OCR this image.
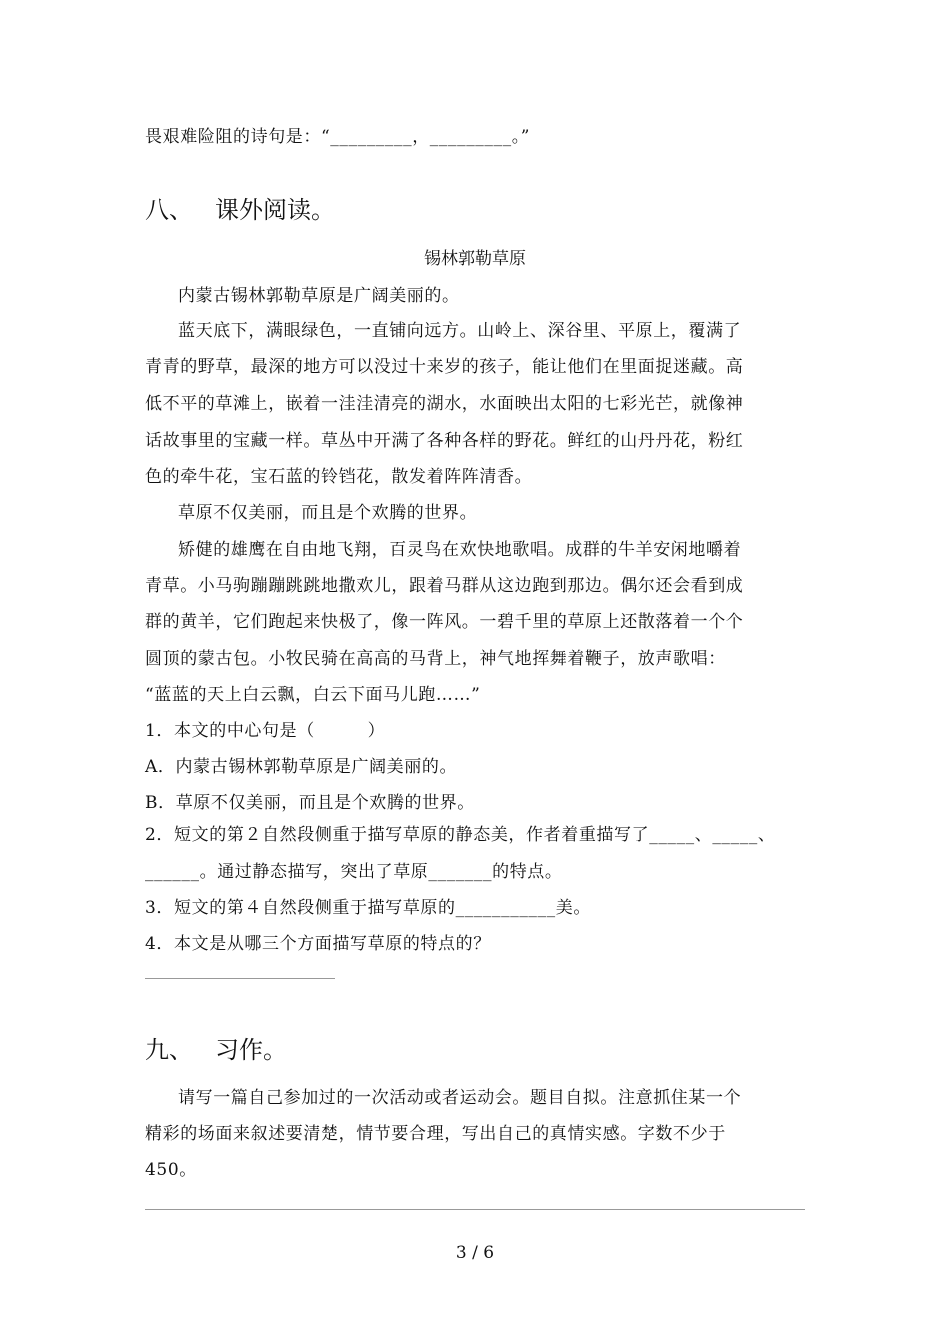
畏艰难险阻的诗句是：“_________，_________。”
八、 课外阅读。
锡林郭勒草原
内蒙古锡林郭勒草原是广阔美丽的。
蓝天底下，满眼绿色，一直铺向远方。山岭上、深谷里、平原上，覆满了
青青的野草，最深的地方可以没过十来岁的孩子，能让他们在里面捉迷藏。高
低不平的草滩上，嵌着一洼洼清亮的湖水，水面映出太阳的七彩光芒，就像神
话故事里的宝藏一样。草丛中开满了各种各样的野花。鲜红的山丹丹花，粉红
色的牵牛花，宝石蓝的铃铛花，散发着阵阵清香。
草原不仅美丽，而且是个欢腾的世界。
矫健的雄鹰在自由地飞翔，百灵鸟在欢快地歌唱。成群的牛羊安闲地嚼着
青草。小马驹蹦蹦跳跳地撒欢儿，跟着马群从这边跑到那边。偶尔还会看到成
群的黄羊，它们跑起来快极了，像一阵风。一碧千里的草原上还散落着一个个
圆顶的蒙古包。小牧民骑在高高的马背上，神气地挥舞着鞭子，放声歌唱：
“蓝蓝的天上白云飘，白云下面马儿跑……”
1．本文的中心句是（　　　）
A．内蒙古锡林郭勒草原是广阔美丽的。
B．草原不仅美丽，而且是个欢腾的世界。
2．短文的第２自然段侧重于描写草原的静态美，作者着重描写了_____、_____、
______。通过静态描写，突出了草原_______的特点。
3．短文的第４自然段侧重于描写草原的___________美。
4．本文是从哪三个方面描写草原的特点的？
九、 习作。
请写一篇自己参加过的一次活动或者运动会。题目自拟。注意抓住某一个
精彩的场面来叙述要清楚，情节要合理，写出自己的真情实感。字数不少于
450。
3 / 6
